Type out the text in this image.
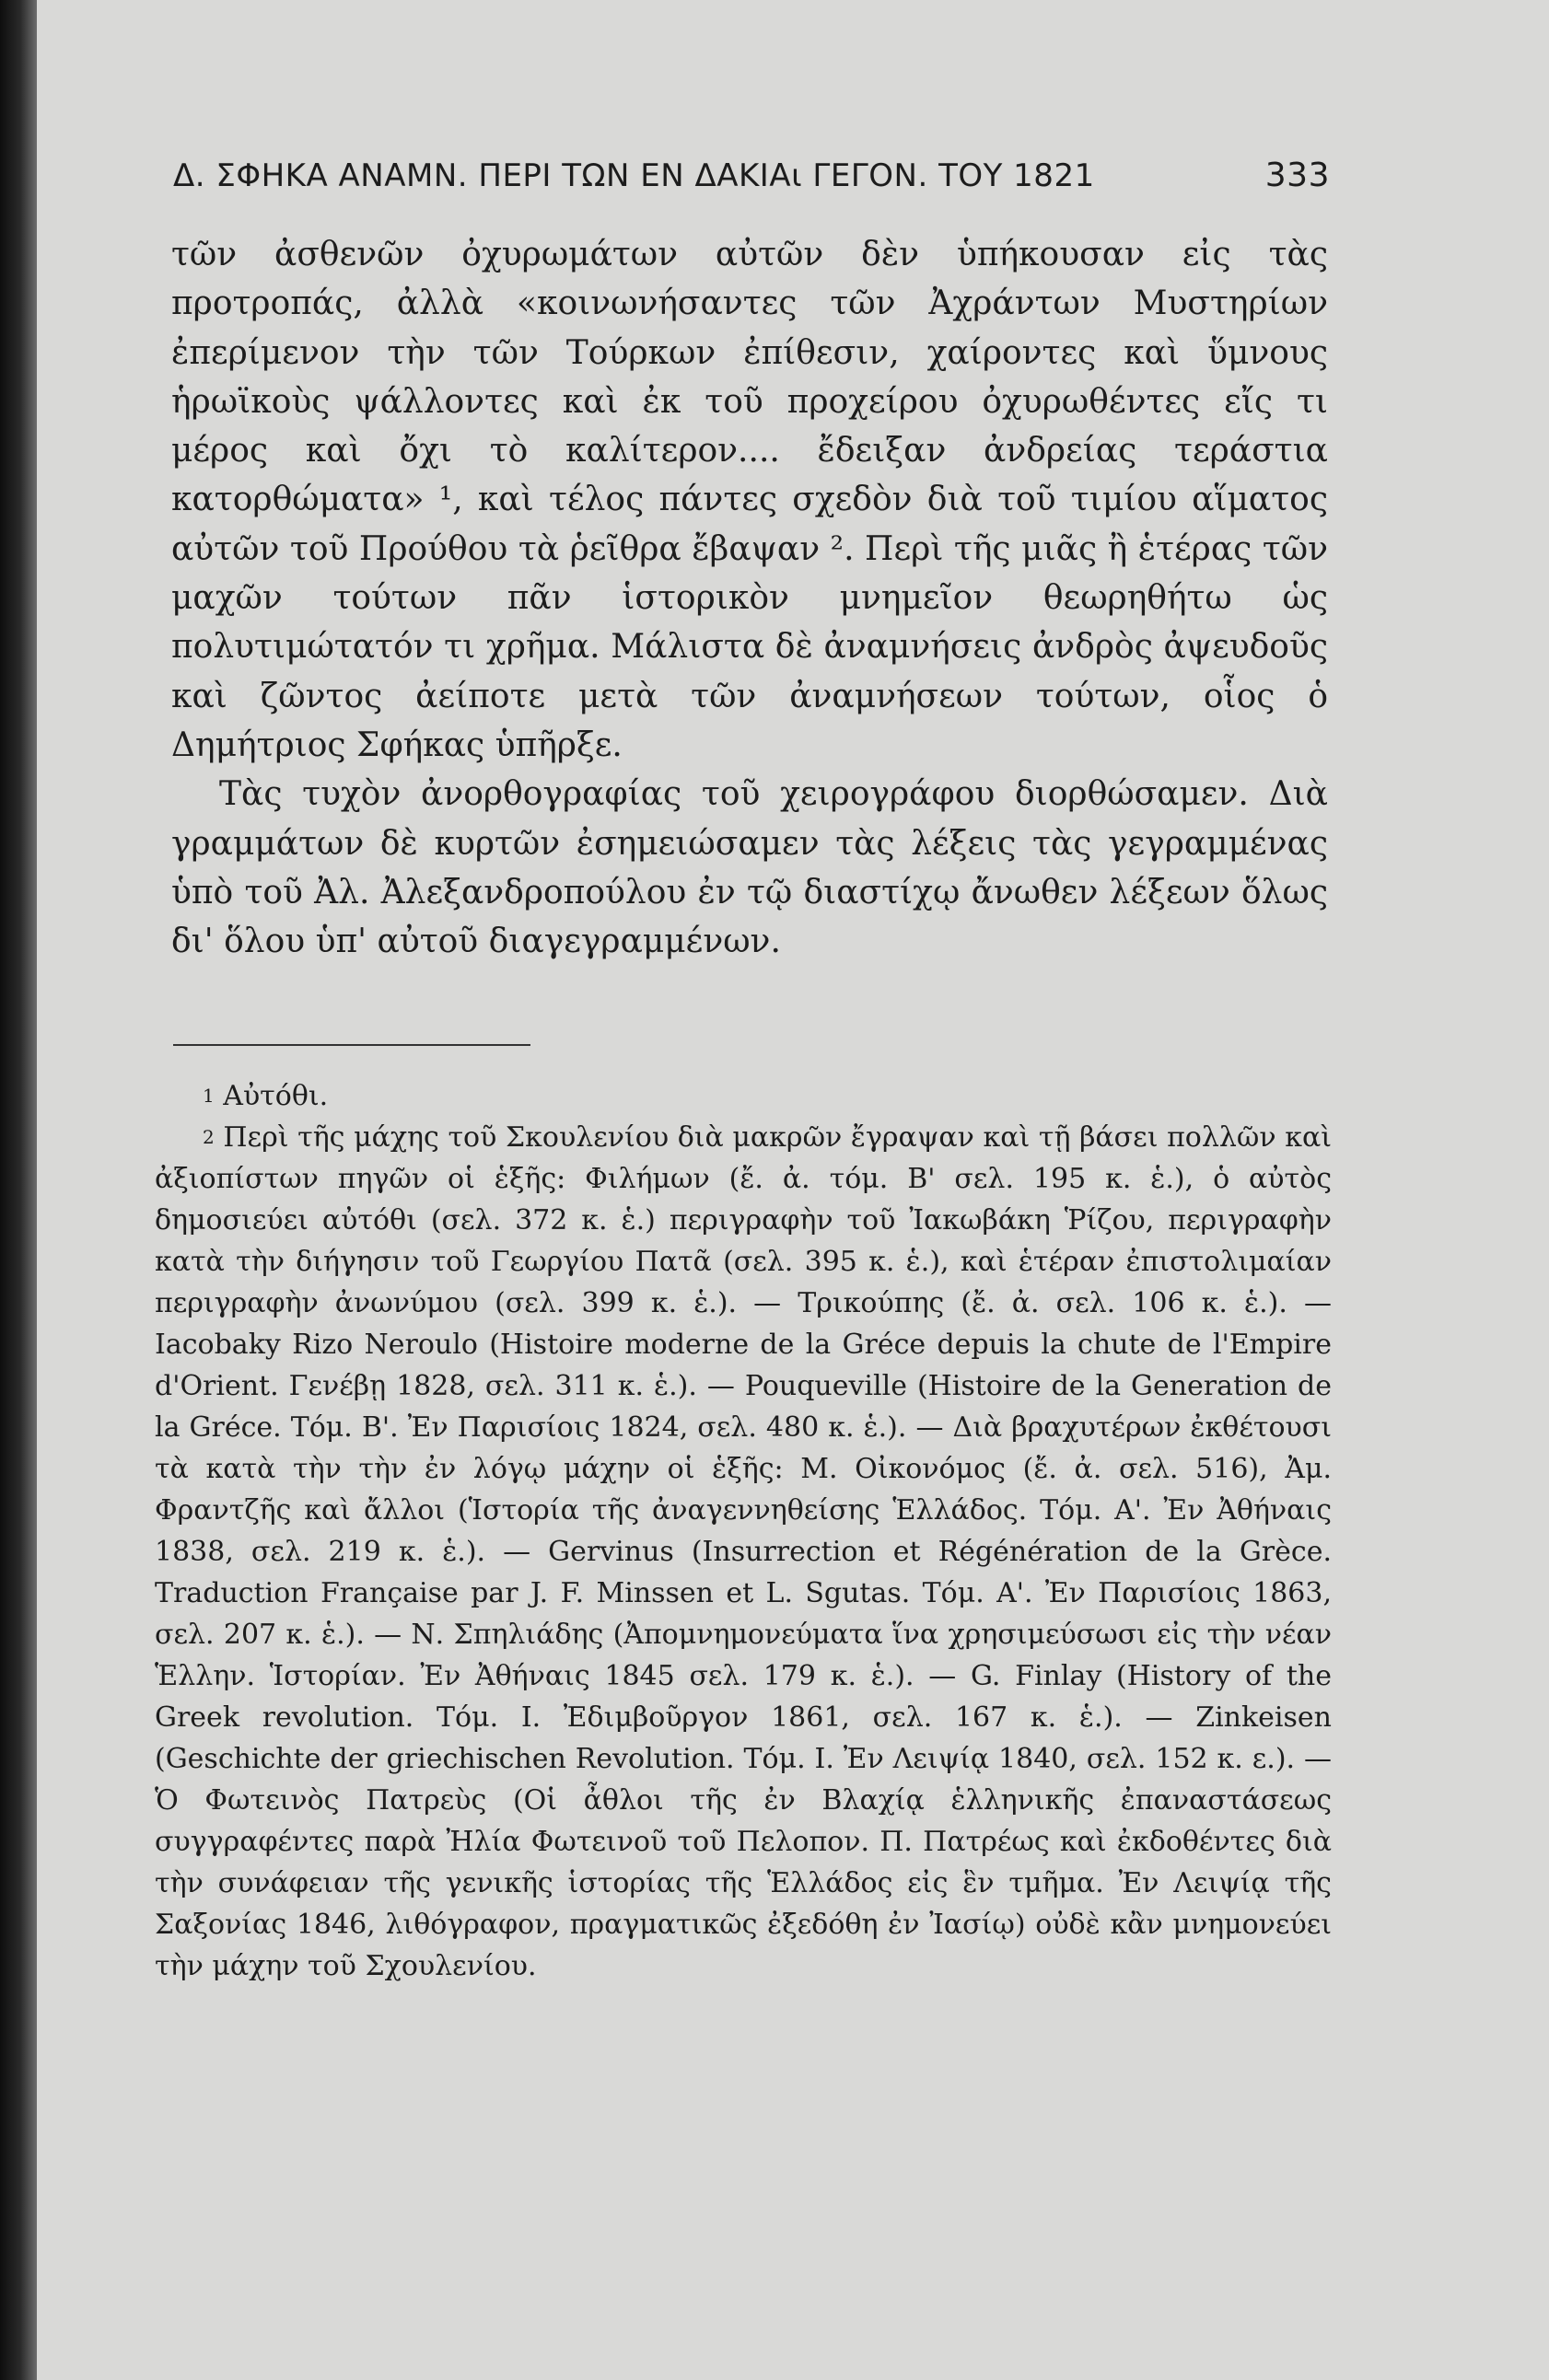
Δ. ΣΦΗΚΑ ΑΝΑΜΝ. ΠΕΡΙ ΤΩΝ ΕΝ ΔΑΚΙΑι ΓΕΓΟΝ. ΤΟΥ 1821	333

τῶν ἀσθενῶν ὀχυρωμάτων αὐτῶν δὲν ὑπήκουσαν εἰς τὰς προτροπάς, ἀλλὰ «κοινωνήσαντες τῶν Ἀχράντων Μυστηρίων ἐπερίμενον τὴν τῶν Τούρκων ἐπίθεσιν, χαίροντες καὶ ὕμνους ἡρωϊκοὺς ψάλλοντες καὶ ἐκ τοῦ προχείρου ὀχυρωθέντες εἴς τι μέρος καὶ ὄχι τὸ καλίτερον.... ἔδειξαν ἀνδρείας τεράστια κατορθώματα» ¹, καὶ τέλος πάντες σχεδὸν διὰ τοῦ τιμίου αἵματος αὐτῶν τοῦ Προύθου τὰ ῥεῖθρα ἔβαψαν ². Περὶ τῆς μιᾶς ἢ ἑτέρας τῶν μαχῶν τούτων πᾶν ἱστορικὸν μνημεῖον θεωρηθήτω ὡς πολυτιμώτατόν τι χρῆμα. Μάλιστα δὲ ἀναμνήσεις ἀνδρὸς ἀψευδοῦς καὶ ζῶντος ἀείποτε μετὰ τῶν ἀναμνήσεων τούτων, οἷος ὁ Δημήτριος Σφήκας ὑπῆρξε.

Τὰς τυχὸν ἀνορθογραφίας τοῦ χειρογράφου διορθώσαμεν. Διὰ γραμμάτων δὲ κυρτῶν ἐσημειώσαμεν τὰς λέξεις τὰς γεγραμμένας ὑπὸ τοῦ Ἀλ. Ἀλεξανδροπούλου ἐν τῷ διαστίχῳ ἄνωθεν λέξεων ὅλως δι' ὅλου ὑπ' αὐτοῦ διαγεγραμμένων.

$^1$ Αὐτόθι.

$^2$ Περὶ τῆς μάχης τοῦ Σκουλενίου διὰ μακρῶν ἔγραψαν καὶ τῇ βάσει πολλῶν καὶ ἀξιοπίστων πηγῶν οἱ ἑξῆς: Φιλήμων (ἔ. ἀ. τόμ. Β' σελ. 195 κ. ἑ.), ὁ αὐτὸς δημοσιεύει αὐτόθι (σελ. 372 κ. ἑ.) περιγραφὴν τοῦ Ἰακωβάκη Ῥίζου, περιγραφὴν κατὰ τὴν διήγησιν τοῦ Γεωργίου Πατᾶ (σελ. 395 κ. ἑ.), καὶ ἑτέραν ἐπιστολιμαίαν περιγραφὴν ἀνωνύμου (σελ. 399 κ. ἑ.). — Τρικούπης (ἔ. ἀ. σελ. 106 κ. ἑ.). — Iacobaky Rizo Neroulo (Histoire moderne de la Gréce depuis la chute de l'Empire d'Orient. Γενέβῃ 1828, σελ. 311 κ. ἑ.). — Pouqueville (Histoire de la Generation de la Gréce. Τόμ. Β'. Ἐν Παρισίοις 1824, σελ. 480 κ. ἑ.). — Διὰ βραχυτέρων ἐκθέτουσι τὰ κατὰ τὴν τὴν ἐν λόγῳ μάχην οἱ ἑξῆς: Μ. Οἰκονόμος (ἔ. ἀ. σελ. 516), Ἀμ. Φραντζῆς καὶ ἄλλοι (Ἱστορία τῆς ἀναγεννηθείσης Ἑλλάδος. Τόμ. Α'. Ἐν Ἀθήναις 1838, σελ. 219 κ. ἑ.). — Gervinus (Insurrection et Régénération de la Grèce. Traduction Française par J. F. Minssen et L. Sgutas. Τόμ. Α'. Ἐν Παρισίοις 1863, σελ. 207 κ. ἑ.). — Ν. Σπηλιάδης (Ἀπομνημονεύματα ἵνα χρησιμεύσωσι εἰς τὴν νέαν Ἑλλην. Ἱστορίαν. Ἐν Ἀθήναις 1845 σελ. 179 κ. ἑ.). — G. Finlay (History of the Greek revolution. Τόμ. I. Ἐδιμβοῦργον 1861, σελ. 167 κ. ἑ.). — Zinkeisen (Geschichte der griechischen Revolution. Τόμ. I. Ἐν Λειψίᾳ 1840, σελ. 152 κ. ε.). — Ὁ Φωτεινὸς Πατρεὺς (Οἱ ἆθλοι τῆς ἐν Βλαχίᾳ ἑλληνικῆς ἐπαναστάσεως συγγραφέντες παρὰ Ἠλία Φωτεινοῦ τοῦ Πελοπον. Π. Πατρέως καὶ ἐκδοθέντες διὰ τὴν συνάφειαν τῆς γενικῆς ἱστορίας τῆς Ἑλλάδος εἰς ἓν τμῆμα. Ἐν Λειψίᾳ τῆς Σαξονίας 1846, λιθόγραφον, πραγματικῶς ἐξεδόθη ἐν Ἰασίῳ) οὐδὲ κἂν μνημονεύει τὴν μάχην τοῦ Σχουλενίου.
